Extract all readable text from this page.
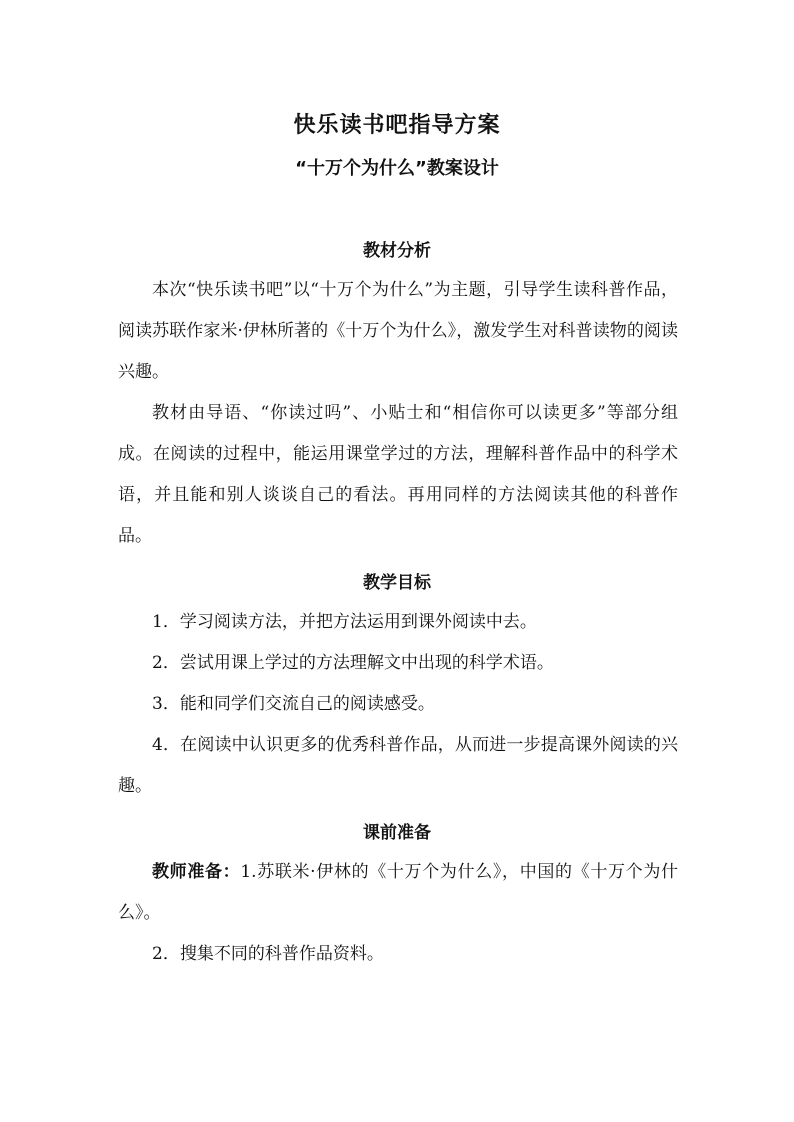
快乐读书吧指导方案
“十万个为什么”教案设计
教材分析
本次“快乐读书吧”以“十万个为什么”为主题，引导学生读科普作品，阅读苏联作家米·伊林所著的《十万个为什么》，激发学生对科普读物的阅读兴趣。
教材由导语、“你读过吗”、小贴士和“相信你可以读更多”等部分组成。在阅读的过程中，能运用课堂学过的方法，理解科普作品中的科学术语，并且能和别人谈谈自己的看法。再用同样的方法阅读其他的科普作品。
教学目标
1．学习阅读方法，并把方法运用到课外阅读中去。
2．尝试用课上学过的方法理解文中出现的科学术语。
3．能和同学们交流自己的阅读感受。
4．在阅读中认识更多的优秀科普作品，从而进一步提高课外阅读的兴趣。
课前准备
教师准备：1.苏联米·伊林的《十万个为什么》，中国的《十万个为什么》。
2．搜集不同的科普作品资料。
